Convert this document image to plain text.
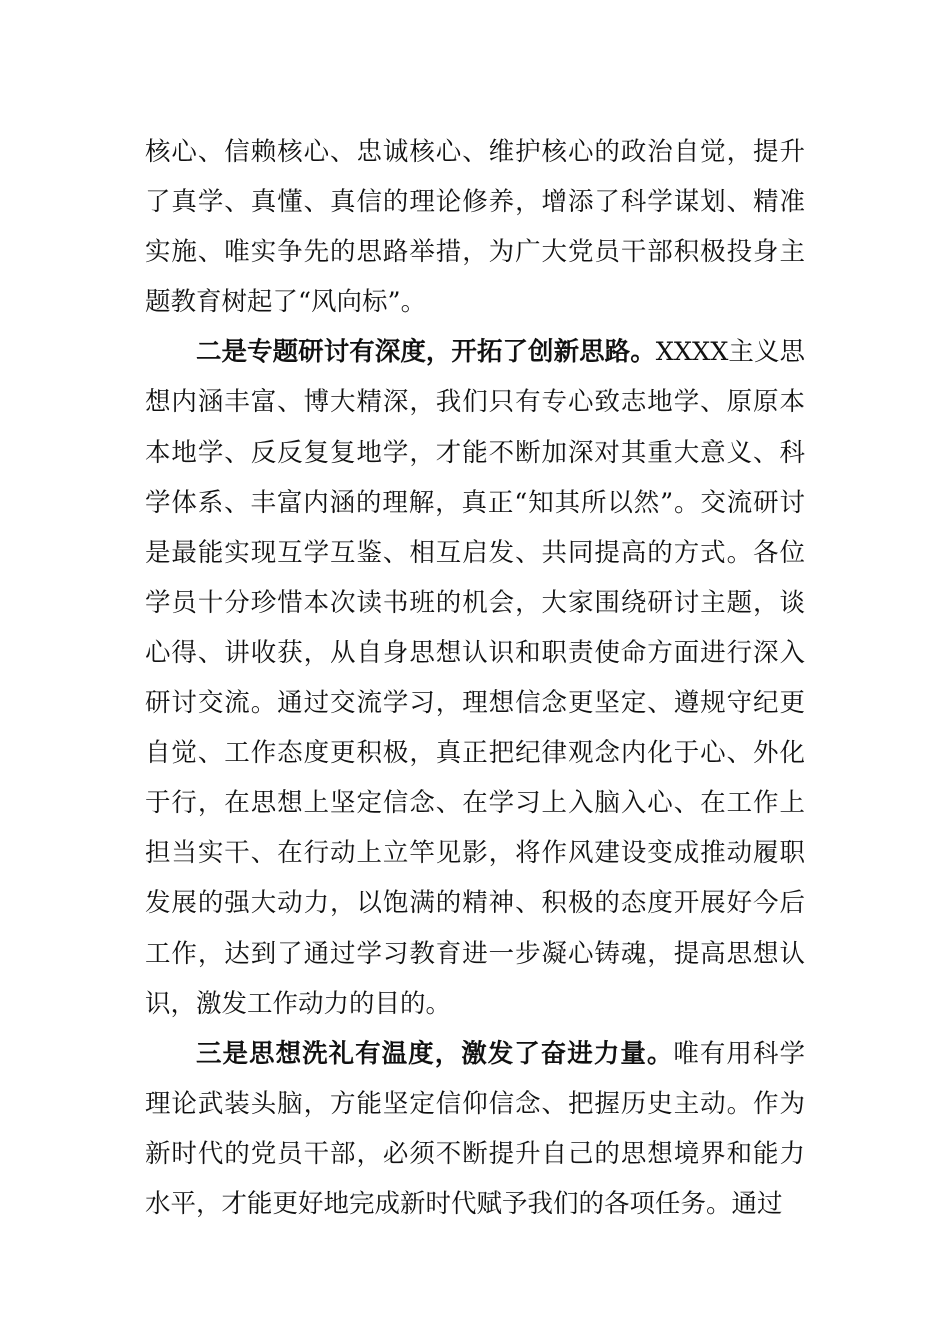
核心、信赖核心、忠诚核心、维护核心的政治自觉，提升了真学、真懂、真信的理论修养，增添了科学谋划、精准实施、唯实争先的思路举措，为广大党员干部积极投身主题教育树起了“风向标”。

二是专题研讨有深度，开拓了创新思路。XXXX主义思想内涵丰富、博大精深，我们只有专心致志地学、原原本本地学、反反复复地学，才能不断加深对其重大意义、科学体系、丰富内涵的理解，真正“知其所以然”。交流研讨是最能实现互学互鉴、相互启发、共同提高的方式。各位学员十分珍惜本次读书班的机会，大家围绕研讨主题，谈心得、讲收获，从自身思想认识和职责使命方面进行深入研讨交流。通过交流学习，理想信念更坚定、遵规守纪更自觉、工作态度更积极，真正把纪律观念内化于心、外化于行，在思想上坚定信念、在学习上入脑入心、在工作上担当实干、在行动上立竿见影，将作风建设变成推动履职发展的强大动力，以饱满的精神、积极的态度开展好今后工作，达到了通过学习教育进一步凝心铸魂，提高思想认识，激发工作动力的目的。

三是思想洗礼有温度，激发了奋进力量。唯有用科学理论武装头脑，方能坚定信仰信念、把握历史主动。作为新时代的党员干部，必须不断提升自己的思想境界和能力水平，才能更好地完成新时代赋予我们的各项任务。通过
